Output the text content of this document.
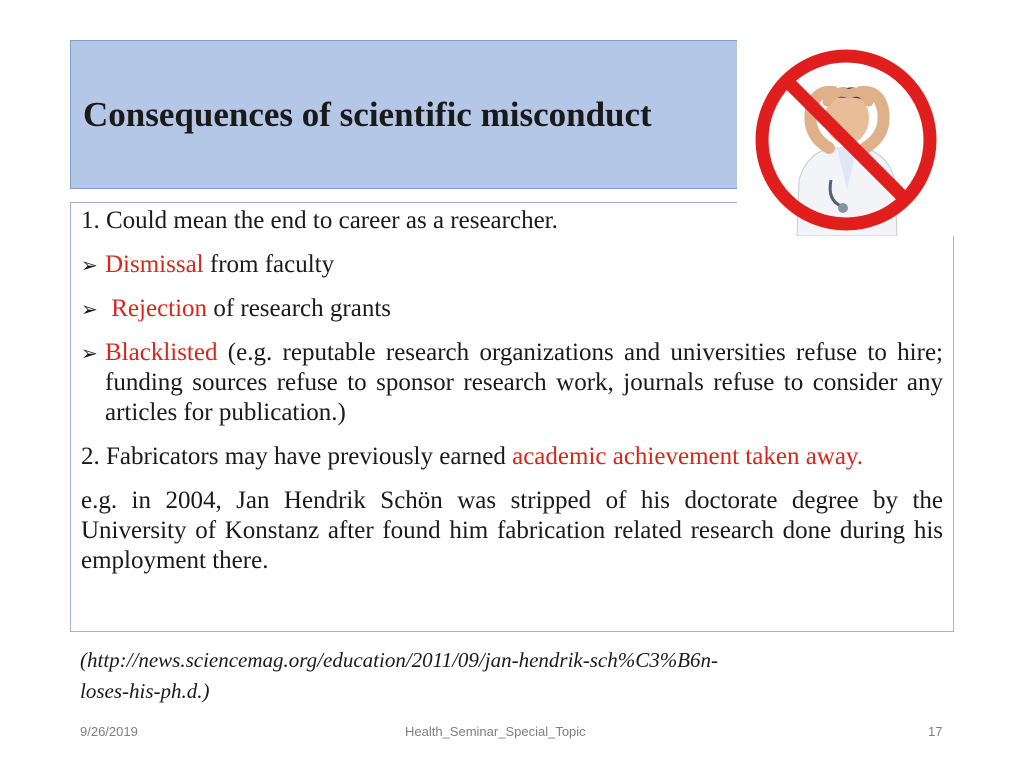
Consequences of scientific misconduct
1. Could mean the end to career as a researcher.
➢ Dismissal from faculty
➢ Rejection of research grants
➢ Blacklisted (e.g. reputable research organizations and universities refuse to hire; funding sources refuse to sponsor research work, journals refuse to consider any articles for publication.)
2. Fabricators may have previously earned academic achievement taken away.
e.g. in 2004, Jan Hendrik Schön was stripped of his doctorate degree by the University of Konstanz after found him fabrication related research done during his employment there.
(http://news.sciencemag.org/education/2011/09/jan-hendrik-sch%C3%B6n-
loses-his-ph.d.)
9/26/2019	Health_Seminar_Special_Topic	17
